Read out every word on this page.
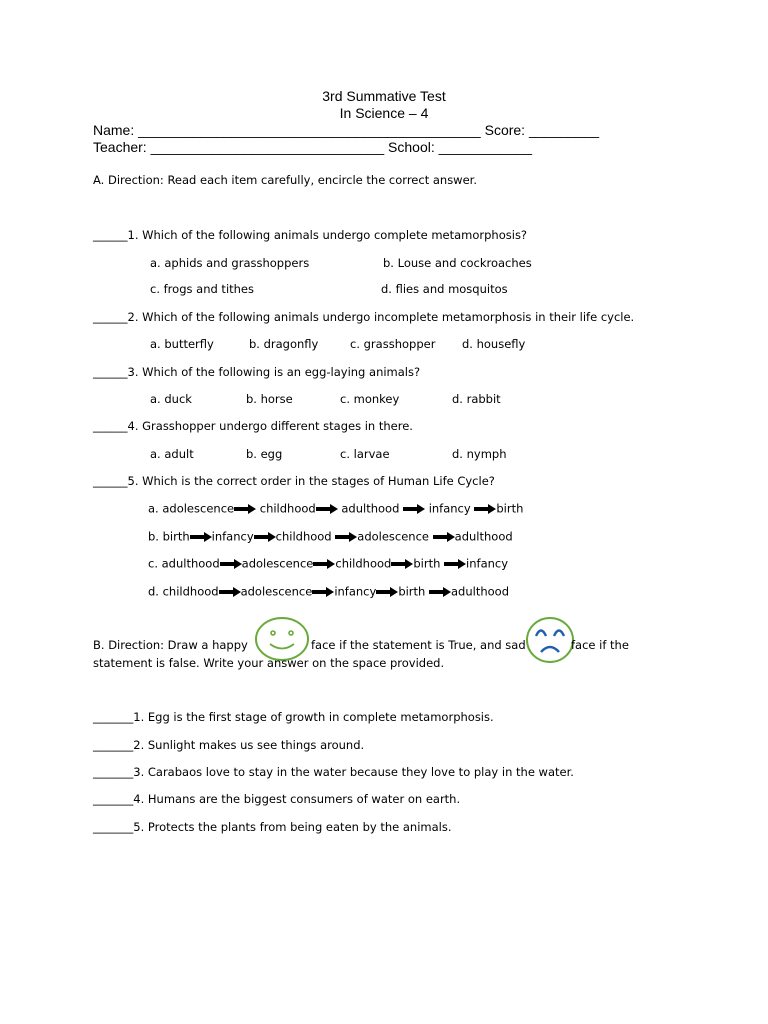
3rd Summative Test
In Science – 4
Name: ____________________________________________ Score: _________
Teacher: ______________________________ School: ____________
A. Direction: Read each item carefully, encircle the correct answer.
______1. Which of the following animals undergo complete metamorphosis?
a. aphids and grasshoppers	b. Louse and cockroaches
c. frogs and tithes	d. flies and mosquitos
______2. Which of the following animals undergo incomplete metamorphosis in their life cycle.
a. butterfly	b. dragonfly	c. grasshopper d. housefly
______3. Which of the following is an egg-laying animals?
a. duck	b. horse	c. monkey	d. rabbit
______4. Grasshopper undergo different stages in there.
a. adult	b. egg	c. larvae	d. nymph
______5. Which is the correct order in the stages of Human Life Cycle?
a. adolescence childhood adulthood	infancy birth
b. birth infancy childhood adolescence adulthood
c. adulthood adolescence childhood birth infancy
d. childhood adolescence infancy birth adulthood
B. Direction: Draw a happy	face if the statement is True, and sad	face if the
statement is false. Write your answer on the space provided.
_______1. Egg is the first stage of growth in complete metamorphosis.
_______2. Sunlight makes us see things around.
_______3. Carabaos love to stay in the water because they love to play in the water.
_______4. Humans are the biggest consumers of water on earth.
_______5. Protects the plants from being eaten by the animals.
